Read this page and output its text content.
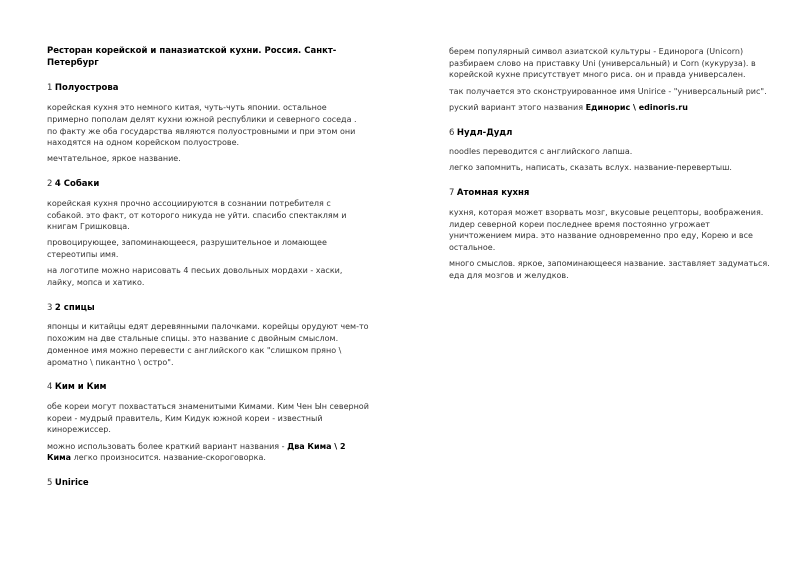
Ресторан корейской и паназиатской кухни. Россия. Санкт-Петербург
1 Полуострова

корейская кухня это немного китая, чуть-чуть японии. остальное примерно пополам делят кухни южной республики и северного соседа . по факту же оба государства являются полуостровными и при этом они находятся на одном корейском полуострове.

мечтательное, яркое название.

2 4 Собаки

корейская кухня прочно ассоциируются в сознании потребителя с собакой. это факт, от которого никуда не уйти. спасибо спектаклям и книгам Гришковца.

провоцирующее, запоминающееся, разрушительное и ломающее стереотипы имя.

на логотипе можно нарисовать 4 песьих довольных мордахи - хаски, лайку, мопса и хатико.

3 2 спицы

японцы и китайцы едят деревянными палочками. корейцы орудуют чем-то похожим на две стальные спицы. это название с двойным смыслом. доменное имя можно перевести с английского как "слишком пряно \ ароматно \ пикантно \ остро".

4 Ким и Ким

обе кореи могут похвастаться знаменитыми Кимами. Ким Чен Ын северной кореи - мудрый правитель, Ким Кидук южной кореи - известный кинорежиссер.

можно использовать более краткий вариант названия - Два Кима \ 2 Кима легко произносится. название-скороговорка.

5 Unirice

берем популярный символ азиатской культуры - Единорога (Unicorn) разбираем слово на приставку Uni (универсальный) и Corn (кукуруза). в корейской кухне присутствует много риса. он и правда универсален.

так получается это сконструированное имя Unirice - "универсальный рис".

руский вариант этого названия Единорис \ edinoris.ru

6 Нудл-Дудл

noodles переводится с английского лапша.

легко запомнить, написать, сказать вслух. название-перевертыш.

7 Атомная кухня

кухня, которая может взорвать мозг, вкусовые рецепторы, воображения. лидер северной кореи последнее время постоянно угрожает уничтожением мира. это название одновременно про еду, Корею и все остальное.

много смыслов. яркое, запоминающееся название. заставляет задуматься. еда для мозгов и желудков.
